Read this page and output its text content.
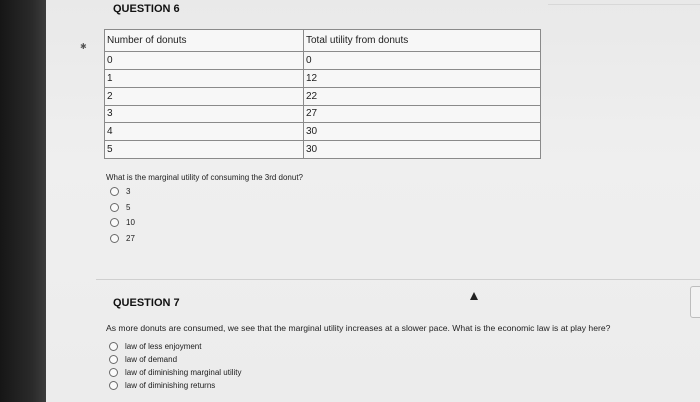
✱
QUESTION 6
Number of donuts	Total utility from donuts
0	0
1	12
2	22
3	27
4	30
5	30
What is the marginal utility of consuming the 3rd donut?
3
5
10
27
QUESTION 7
As more donuts are consumed, we see that the marginal utility increases at a slower pace. What is the economic law is at play here?
law of less enjoyment
law of demand
law of diminishing marginal utility
law of diminishing returns
